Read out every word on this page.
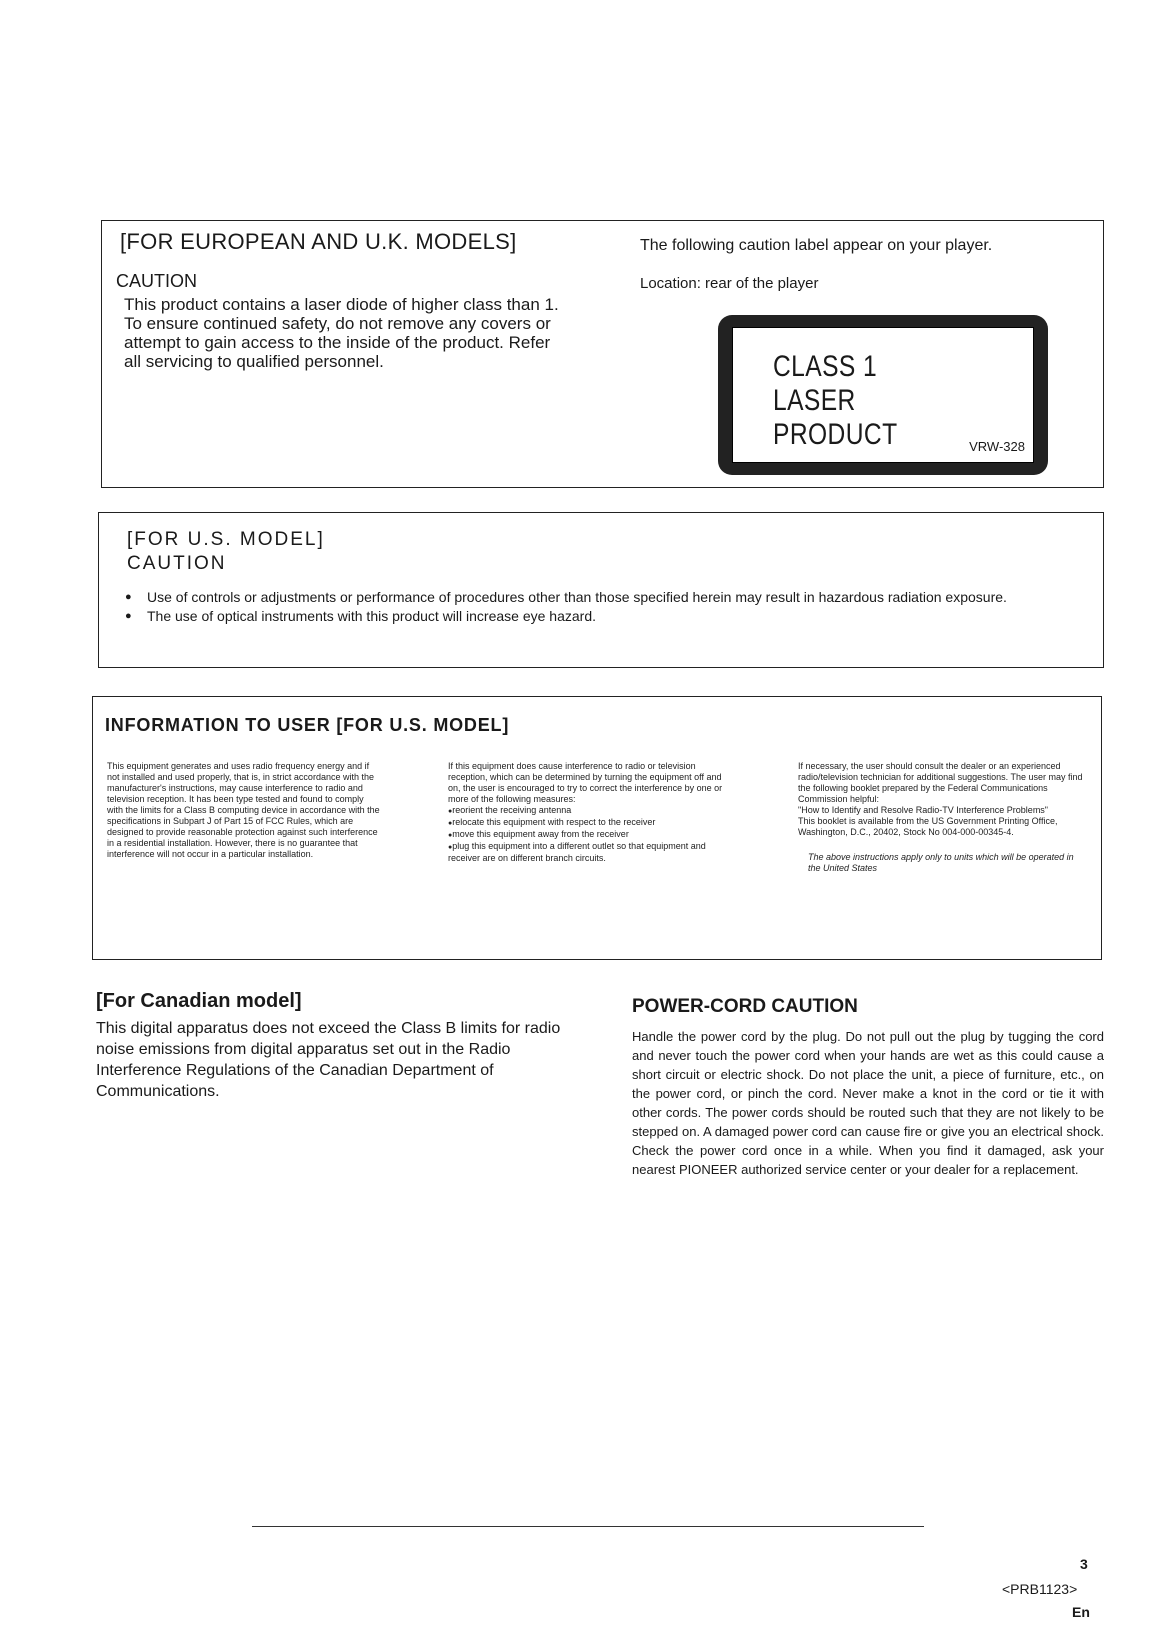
[FOR EUROPEAN AND U.K. MODELS]
CAUTION
This product contains a laser diode of higher class than 1. To ensure continued safety, do not remove any covers or attempt to gain access to the inside of the product. Refer all servicing to qualified personnel.
The following caution label appear on your player.
Location: rear of the player
CLASS 1
LASER PRODUCT	VRW-328
[FOR U.S. MODEL]
CAUTION
● Use of controls or adjustments or performance of procedures other than those specified herein may result in hazardous radiation exposure.
● The use of optical instruments with this product will increase eye hazard.
INFORMATION TO USER [FOR U.S. MODEL]

This equipment generates and uses radio frequency energy and if not installed and used properly, that is, in strict accordance with the manufacturer's instructions, may cause interference to radio and television reception. It has been type tested and found to comply with the limits for a Class B computing device in accordance with the specifications in Subpart J of Part 15 of FCC Rules, which are designed to provide reasonable protection against such interference in a residential installation. However, there is no guarantee that interference will not occur in a particular installation.

If this equipment does cause interference to radio or television reception, which can be determined by turning the equipment off and on, the user is encouraged to try to correct the interference by one or more of the following measures:

● reorient the receiving antenna
● relocate this equipment with respect to the receiver
● move this equipment away from the receiver
● plug this equipment into a different outlet so that equipment and receiver are on different branch circuits.

If necessary, the user should consult the dealer or an experienced radio/television technician for additional suggestions. The user may find the following booklet prepared by the Federal Communications Commission helpful:

"How to Identify and Resolve Radio-TV Interference Problems"

This booklet is available from the US Government Printing Office, Washington, D.C., 20402, Stock No 004-000-00345-4.

The above instructions apply only to units which will be operated in the United States

[For Canadian model]
This digital apparatus does not exceed the Class B limits for radio noise emissions from digital apparatus set out in the Radio Interference Regulations of the Canadian Department of Communications.
POWER-CORD CAUTION
Handle the power cord by the plug. Do not pull out the plug by tugging the cord and never touch the power cord when your hands are wet as this could cause a short circuit or electric shock. Do not place the unit, a piece of furniture, etc., on the power cord, or pinch the cord. Never make a knot in the cord or tie it with other cords. The power cords should be routed such that they are not likely to be stepped on. A damaged power cord can cause fire or give you an electrical shock. Check the power cord once in a while. When you find it damaged, ask your nearest PIONEER authorized service center or your dealer for a replacement.
3
<PRB1123>
En
